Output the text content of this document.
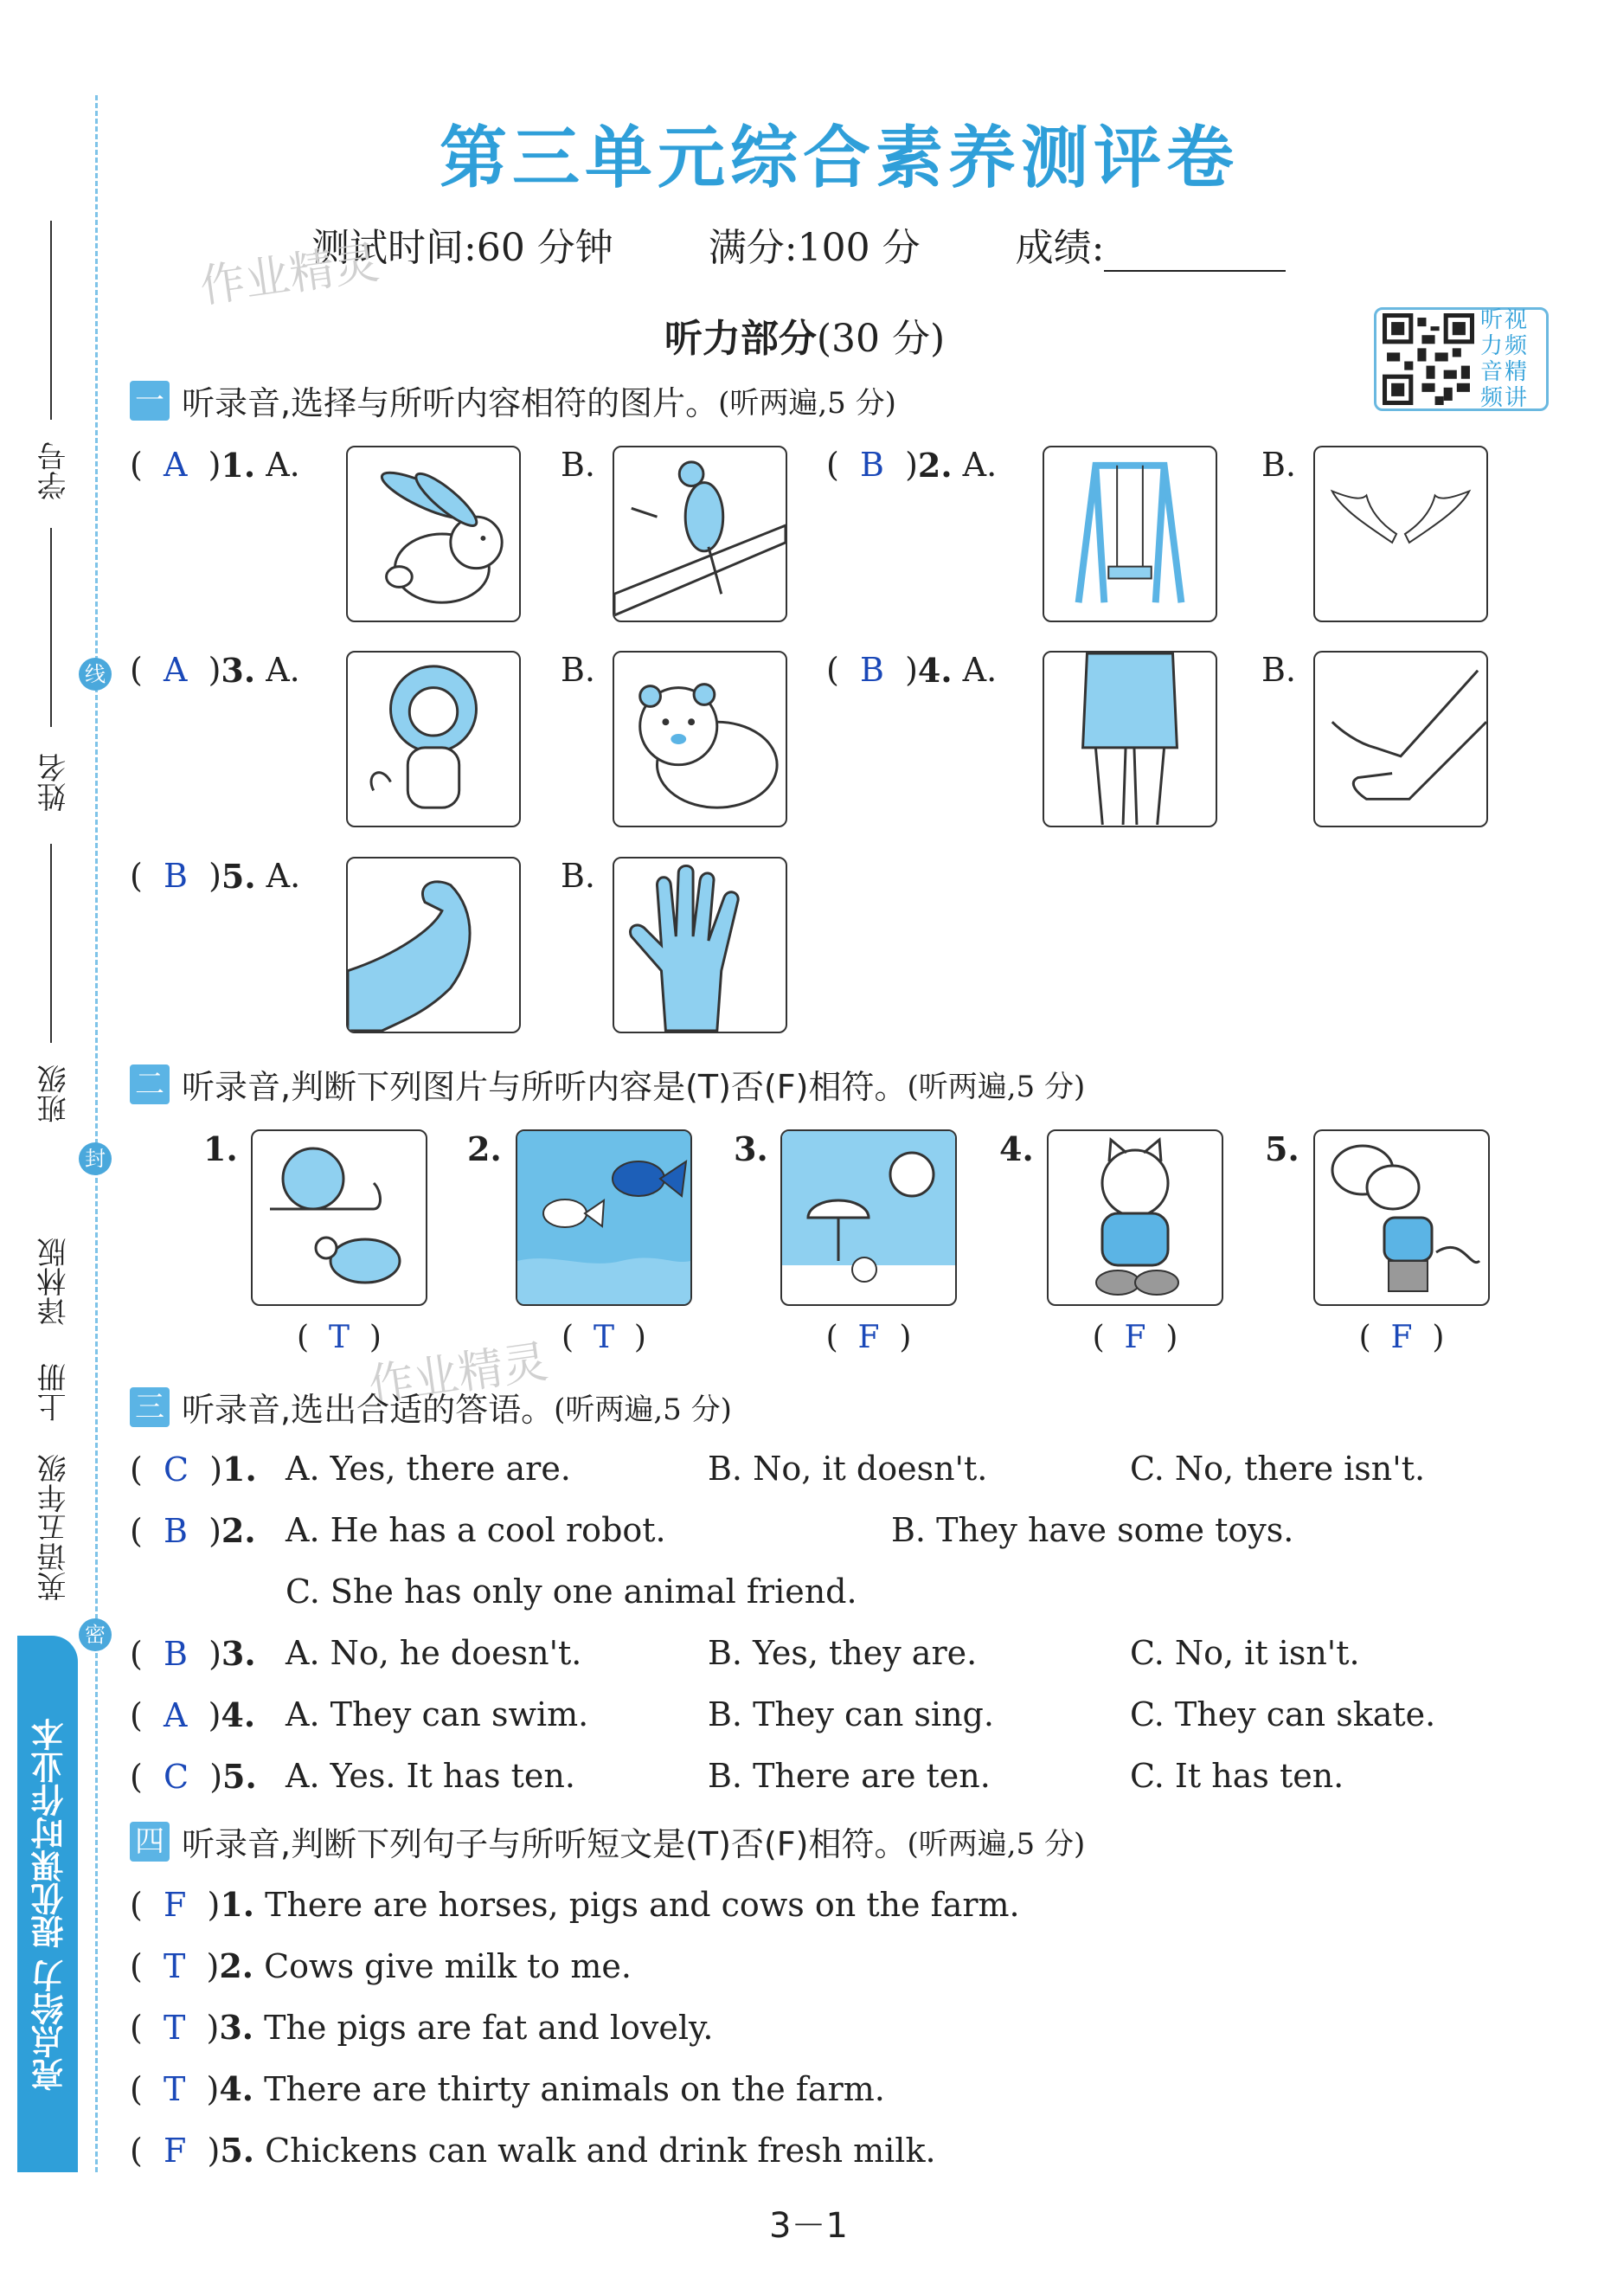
学号
线
姓名
班级
封
译林版
上册
英语五年级
密
亮点给力 提优课时作业本
第三单元综合素养测评卷
测试时间:60 分钟	满分:100 分	成绩:
作业精灵
听力部分(30 分)	听 视
力 频
音 精
频 讲
一 听录音,选择与所听内容相符的图片。 (听两遍,5 分)
(  A  ) 1.
A.	B.	(  B  ) 2.
A.	B.
(  A  ) 3.
A.	B.	(  B  ) 4.
A.	B.
(  B  ) 5.
A.	B.
二 听录音,判断下列图片与所听内容是(T)否(F)相符。 (听两遍,5 分)
1.
(  T  )
2.
(  T  )
3.
(  F  )
4.
(  F  )
5.
(  F  )
作业精灵
三 听录音,选出合适的答语。 (听两遍,5 分)
(  C  )1. A. Yes, there are.	B. No, it doesn't.	C. No, there isn't.
(  B  )2. A. He has a cool robot.	B. They have some toys.
C. She has only one animal friend.
(  B  )3. A. No, he doesn't.	B. Yes, they are.	C. No, it isn't.
(  A  )4. A. They can swim.	B. They can sing.	C. They can skate.
(  C  )5. A. Yes. It has ten.	B. There are ten.	C. It has ten.
四 听录音,判断下列句子与所听短文是(T)否(F)相符。 (听两遍,5 分)
(  F  )1. There are horses, pigs and cows on the farm.
(  T  )2. Cows give milk to me.
(  T  )3. The pigs are fat and lovely.
(  T  )4. There are thirty animals on the farm.
(  F  )5. Chickens can walk and drink fresh milk.
3－1
